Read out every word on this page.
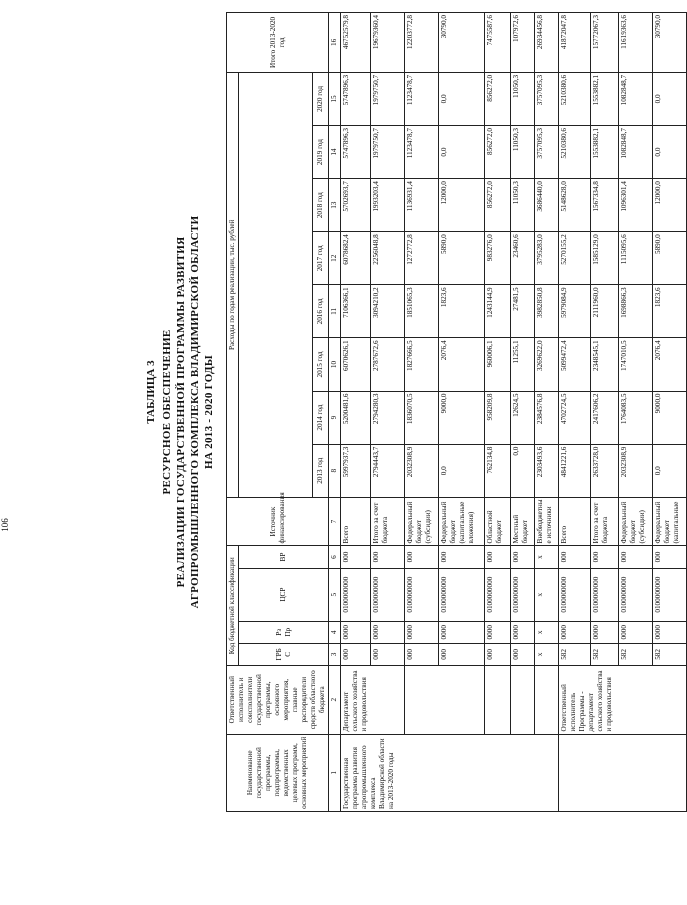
106
ТАБЛИЦА 3 РЕСУРСНОЕ ОБЕСПЕЧЕНИЕ РЕАЛИЗАЦИИ ГОСУДАРСТВЕННОЙ ПРОГРАММЫ РАЗВИТИЯ АГРОПРОМЫШЛЕННОГО КОМПЛЕКСА ВЛАДИМИРСКОЙ ОБЛАСТИ НА 2013 - 2020 ГОДЫ
Наименование государственной программы, подпрограммы, ведомственных целевых программ, основных мероприятий	Ответственный исполнитель и соисполнители государственной программы, основного мероприятия, главные распорядители средств областного бюджета	Код бюджетной классификации				Источник финансирования	Расходы по годам реализации, тыс. рублей								Итого 2013-2020 год
		ГРБ С	Рз Пр	ЦСР	ВР										
							2013 год	2014 год	2015 год	2016 год	2017 год	2018 год	2019 год	2020 год	
1	2	3	4	5	6	7	8	9	10	11	12	13	14	15	16
Государственная программа развития агропромышленного комплекса Владимирской области на 2013-2020 годы	Департамент сельского хозяйства и продовольствия	000	0000	0100000000	000	Всего	5997937,3	5200481,6	6070626,1	7106366,1	6078682,4	5702693,7	5747896,3	5747896,3	46752579,8
		000	0000	0100000000	000	Итого за счет бюджета	2794443,7	2794280,3	2787672,6	3094210,2	2256048,8	1993203,4	1979750,7	1979750,7	19679360,4
		000	0000	0100000000	000	Федеральный бюджет (субсидии)	2032308,9	1836070,5	1827666,5	1851065,3	1272772,8	1136931,4	1123478,7	1123478,7	12203772,8
		000	0000	0100000000	000	Федеральный бюджет (капитальные вложения)	0,0	9000,0	2076,4	1823,6	5890,0	12000,0	0,0	0,0	30790,0
		000	0000	0100000000	000	Областной бюджет	762134,8	958209,8	960006,1	1243144,9	983276,0	856272,0	856272,0	856272,0	7475587,6
		000	0000	0100000000	000	Местный бюджет	0,0	12624,5	11255,1	27481,5	23460,6	11050,3	11050,3	11050,3	107972,6
		x	x	x	x	Внебюджетны е источники	2303493,6	2384576,8	3269622,0	3982850,8	3795283,0	3686440,0	3757095,3	3757095,3	26934456,8
	Ответственный исполнитель Программы - департамент сельского хозяйства и продовольствия	582	0000	0100000000	000	Всего	4841221,6	4702724,5	5099472,4	5979084,9	5270155,2	5148628,0	5210380,6	5210380,6	41872047,8
		582	0000	0100000000	000	Итого за счет бюджета	2633728,0	2417606,2	2348545,1	2111960,0	1585129,0	1567334,8	1553882,1	1553882,1	15772067,3
		582	0000	0100000000	000	Федеральный бюджет (субсидии)	2032308,9	1764083,5	1747010,5	1698866,3	1115095,6	1096301,4	1082848,7	1082848,7	11619363,6
		582	0000	0100000000	000	Федеральный бюджет (капитальные	0,0	9000,0	2076,4	1823,6	5890,0	12000,0	0,0	0,0	30790,0
